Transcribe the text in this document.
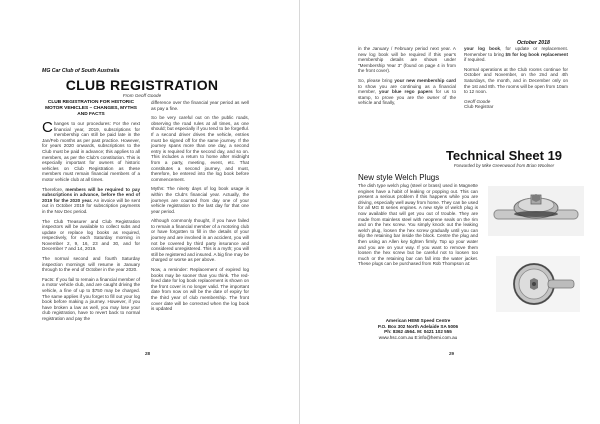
MG Car Club of South Australia
CLUB REGISTRATION
From Geoff Goode
CLUB REGISTRATION FOR HISTORIC MOTOR VEHICLES – CHANGES, MYTHS AND FACTS

Changes to our procedures: For the next financial year, 2019, subscriptions for membership can still be paid late in the Jan/Feb months as per past practice. However, for years 2020 onwards, subscriptions to the Club must be paid in advance; this applies to all members, as per the Club's constitution. This is especially important for owners of historic vehicles on Club Registration as these members must remain financial members of a motor vehicle club at all times.

Therefore, members will be required to pay subscriptions in advance, before the end of 2019 for the 2020 year. An invoice will be sent out in October 2019 for subscription payments in the Nov Dec period.

The Club Treasurer and Club Registration inspectors will be available to collect subs and update or replace log books as required, respectively, for each Saturday morning in November 2, 9, 16, 23 and 30, and for December 7 and 14, 2019.

The normal second and fourth Saturday inspection mornings will resume in January through to the end of October in the year 2020.

Facts: If you fail to remain a financial member of a motor vehicle club, and are caught driving the vehicle, a fine of up to $750 may be charged. The same applies if you forget to fill out your log book before making a journey. However, if you have broken a law as well, you may lose your club registration, have to revert back to normal registration and pay the

difference over the financial year period as well as pay a fine.

So be very careful out on the public roads, observing the road rules at all times, as one should; but especially if you tend to be forgetful. If a second driver drives the vehicle, entries must be signed off for the same journey. If the journey spans more than one day, a second entry is required for the second day, and so on. This includes a return to home after midnight from a party, meeting, event, etc. That constitutes a second journey, and must, therefore, be entered into the log book before commencement.

Myths: The ninety days of log book usage is within the Club's financial year. Actually, the journeys are counted from day one of your vehicle registration to the last day for that one year period.

Although commonly thought, if you have failed to remain a financial member of a motoring club or have forgotten to fill in the details of your journey and are involved in an accident, you will not be covered by third party insurance and considered unregistered. This is a myth; you will still be registered and insured. A big fine may be charged or worse as per above.

Now, a reminder: Replacement of expired log books may be sooner than you think. The red-lined date for log book replacement is shown on the front cover is no longer valid. The important date from now on will be the date of expiry for the third year of club membership. The front cover date will be corrected when the log book is updated

28
October 2018

in the January / February period next year. A new log book will be required if this year's membership details are shown under "Membership Year 3" (found on page 4 in from the front cover).

So, please bring your new membership card to show you are continuing as a financial member, your blue rego papers for us to stamp, to prove you are the owner of the vehicle and finally,

your log book, for update or replacement. Remember to bring $5 for log book replacement if required.

Normal operations at the Club rooms continue for October and November, on the 2nd and 4th Saturdays, the month, and in December only on the 1st and 8th. The rooms will be open from 10am to 12 noon.

Geoff Goode

Club Registrar

Technical Sheet 19
Forwarded by Mike Greenwood from Brian Woolner
New style Welch Plugs
The dish type welch plug (steel or brass) used in Magnette engines have a habit of leaking or popping out. This can present a serious problem if this happens while you are driving, especially well away from home. They can be used for all MG B series engines. A new style of welch plug is now available that will get you out of trouble. They are made from stainless steel with neoprene seals on the rim and on the hex screw. You simply knock out the leaking welch plug, loosen the hex screw gradually until you can slip the retaining bar inside the block. Centre the plug and then using an Allen key tighten firmly. Top up your water and you are on your way. If you want to remove them loosen the hex screw but be careful not to loosen too much or the retaining bar can fall into the water jacket. These plugs can be purchased from Rob Thompson at:
American HEMI Speed Centre
P.O. Box 302 North Adelaide SA 5006
Ph: 8362 4564. M: 0421 102 555
www.hsc.com.au E:info@hemi.com.au
29
